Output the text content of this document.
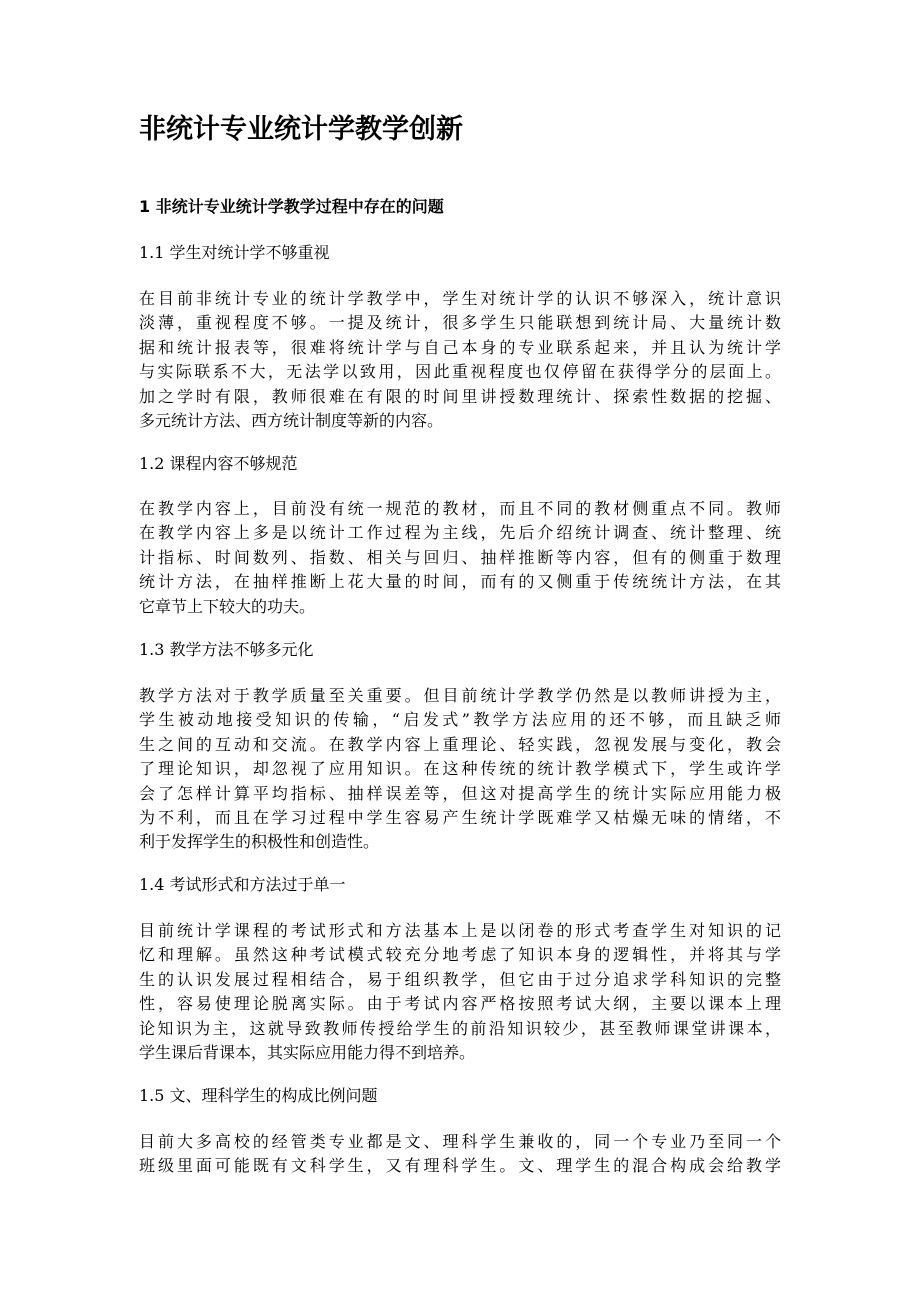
非统计专业统计学教学创新
1 非统计专业统计学教学过程中存在的问题
1.1 学生对统计学不够重视
在目前非统计专业的统计学教学中，学生对统计学的认识不够深入，统计意识
淡薄，重视程度不够。一提及统计，很多学生只能联想到统计局、大量统计数
据和统计报表等，很难将统计学与自己本身的专业联系起来，并且认为统计学
与实际联系不大，无法学以致用，因此重视程度也仅停留在获得学分的层面上。
加之学时有限，教师很难在有限的时间里讲授数理统计、探索性数据的挖掘、
多元统计方法、西方统计制度等新的内容。
1.2 课程内容不够规范
在教学内容上，目前没有统一规范的教材，而且不同的教材侧重点不同。教师
在教学内容上多是以统计工作过程为主线，先后介绍统计调查、统计整理、统
计指标、时间数列、指数、相关与回归、抽样推断等内容，但有的侧重于数理
统计方法，在抽样推断上花大量的时间，而有的又侧重于传统统计方法，在其
它章节上下较大的功夫。
1.3 教学方法不够多元化
教学方法对于教学质量至关重要。但目前统计学教学仍然是以教师讲授为主，
学生被动地接受知识的传输，“启发式”教学方法应用的还不够，而且缺乏师
生之间的互动和交流。在教学内容上重理论、轻实践，忽视发展与变化，教会
了理论知识，却忽视了应用知识。在这种传统的统计教学模式下，学生或许学
会了怎样计算平均指标、抽样误差等，但这对提高学生的统计实际应用能力极
为不利，而且在学习过程中学生容易产生统计学既难学又枯燥无味的情绪，不
利于发挥学生的积极性和创造性。
1.4 考试形式和方法过于单一
目前统计学课程的考试形式和方法基本上是以闭卷的形式考查学生对知识的记
忆和理解。虽然这种考试模式较充分地考虑了知识本身的逻辑性，并将其与学
生的认识发展过程相结合，易于组织教学，但它由于过分追求学科知识的完整
性，容易使理论脱离实际。由于考试内容严格按照考试大纲，主要以课本上理
论知识为主，这就导致教师传授给学生的前沿知识较少，甚至教师课堂讲课本，
学生课后背课本，其实际应用能力得不到培养。
1.5 文、理科学生的构成比例问题
目前大多高校的经管类专业都是文、理科学生兼收的，同一个专业乃至同一个
班级里面可能既有文科学生，又有理科学生。文、理学生的混合构成会给教学
